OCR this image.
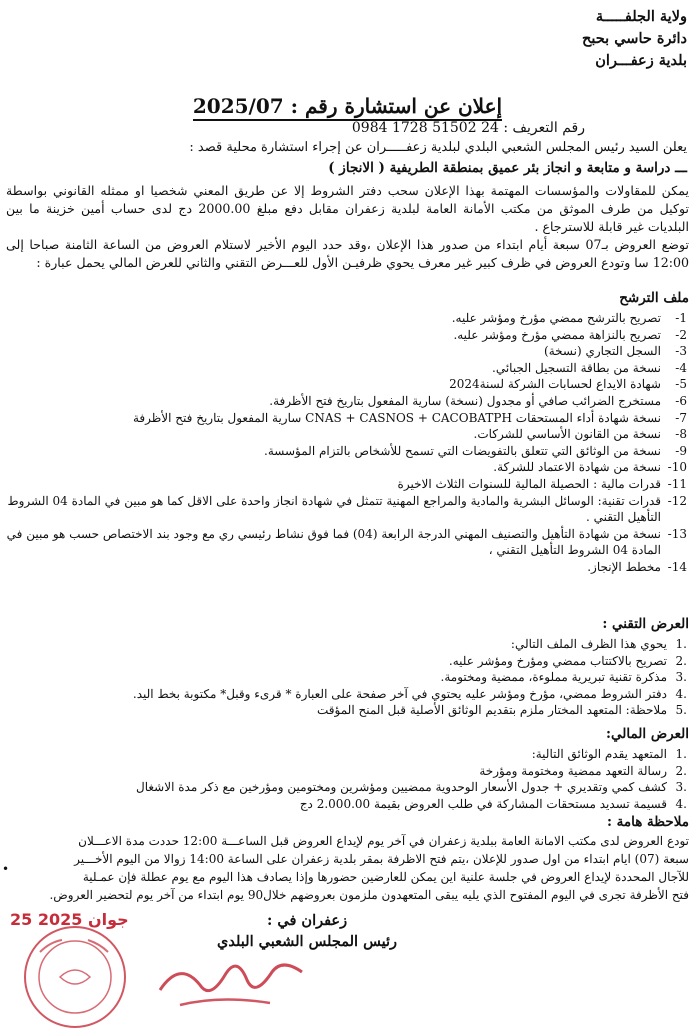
ولاية الجلفـــــة
دائرة حاسي بحبح
بلدية زعفـــران
إعلان عن استشارة رقم : 2025/07
رقم التعريف : 24 51502 1728 0984
يعلن السيد رئيس المجلس الشعبي البلدي لبلدية زعفـــــران عن إجراء استشارة محلية قصد :
ـــ دراسة و متابعة و انجاز بئر عميق بمنطقة الطريفية ( الانجاز )
يمكن للمقاولات والمؤسسات المهتمة بهذا الإعلان سحب دفتر الشروط إلا عن طريق المعني شخصيا او ممثله القانوني بواسطة توكيل من طرف الموثق من مكتب الأمانة العامة لبلدية زعفران مقابل دفع مبلغ 2000.00 دج لدى حساب أمين خزينة ما بين البلديات غير قابلة للاسترجاع .
توضع العروض بـ07 سبعة أيام ابتداء من صدور هذا الإعلان ،وقد حدد اليوم الأخير لاستلام العروض من الساعة الثامنة صباحا إلى 12:00 سا وتودع العروض في ظرف كبير غير معرف يحوي ظرفيـن الأول للعـــرض التقني والثاني للعرض المالي يحمل عبارة :
ملف الترشح
-1
تصريح بالترشح ممضي مؤرخ ومؤشر عليه.
-2
تصريح بالنزاهة ممضي مؤرخ ومؤشر عليه.
-3
السجل التجاري (نسخة)
-4
نسخة من بطاقة التسجيل الجبائي.
-5
شهادة الايداع لحسابات الشركة لسنة2024
-6
مستخرج الضرائب صافي أو مجدول (نسخة) سارية المفعول بتاريخ فتح الأظرفة.
-7
نسخة شهادة أداء المستحقات CNAS + CASNOS + CACOBATPH سارية المفعول بتاريخ فتح الأظرفة
-8
نسخة من القانون الأساسي للشركات.
-9
نسخة من الوثائق التي تتعلق بالتفويضات التي تسمح للأشخاص بالتزام المؤسسة.
-10
نسخة من شهادة الاعتماد للشركة.
-11
قدرات مالية : الحصيلة المالية للسنوات الثلاث الاخيرة
-12
قدرات تقنية: الوسائل البشرية والمادية والمراجع المهنية تتمثل في شهادة انجاز واحدة على الاقل كما هو مبين في المادة 04 الشروط التأهيل التقني .
-13
نسخة من شهادة التأهيل والتصنيف المهني الدرجة الرابعة (04) فما فوق نشاط رئيسي ري مع وجود بند الاختصاص حسب هو مبين في المادة 04 الشروط التأهيل التقني ،
-14
مخطط الإنجاز.
العرض التقني :
1.
يحوي هذا الظرف الملف التالي:
2.
تصريح بالاكتتاب ممضي ومؤرخ ومؤشر عليه.
3.
مذكرة تقنية تبريرية مملوءة، ممضية ومختومة.
4.
دفتر الشروط ممضي، مؤرخ ومؤشر عليه يحتوي في آخر صفحة على العبارة * قرىء وقبل* مكتوبة بخط اليد.
5.
ملاحظة: المتعهد المختار ملزم بتقديم الوثائق الأصلية قبل المنح المؤقت
العرض المالي:
1.
المتعهد يقدم الوثائق التالية:
2.
رسالة التعهد ممضية ومختومة ومؤرخة
3.
كشف كمي وتقديري + جدول الأسعار الوحدوية ممضيين ومؤشرين ومختومين ومؤرخين مع ذكر مدة الاشغال
4.
قسيمة تسديد مستحقات المشاركة في طلب العروض بقيمة 2.000.00 دج
ملاحظة هامة :

تودع العروض لدى مكتب الامانة العامة ببلدية زعفران في آخر يوم لإيداع العروض قبل الساعـــة 12:00 حددت مدة الاعـــلان

سبعة (07) ايام ابتداء من اول صدور للإعلان ،يتم فتح الاظرفة بمقر بلدية زعفران على الساعة 14:00 زوالا من اليوم الأخـــير

للآجال المحددة لإيداع العروض في جلسة علنية اين يمكن للعارضين حضورها وإذا يصادف هذا اليوم مع يوم عطلة فإن عمـلية

فتح الأظرفة تجرى في اليوم المفتوح الذي يليه يبقى المتعهدون ملزمون بعروضهم خلال90 يوم ابتداء من آخر يوم لتحضير العروض.

•
زعفران في :
رئيس المجلس الشعبي البلدي
25 جوان 2025
